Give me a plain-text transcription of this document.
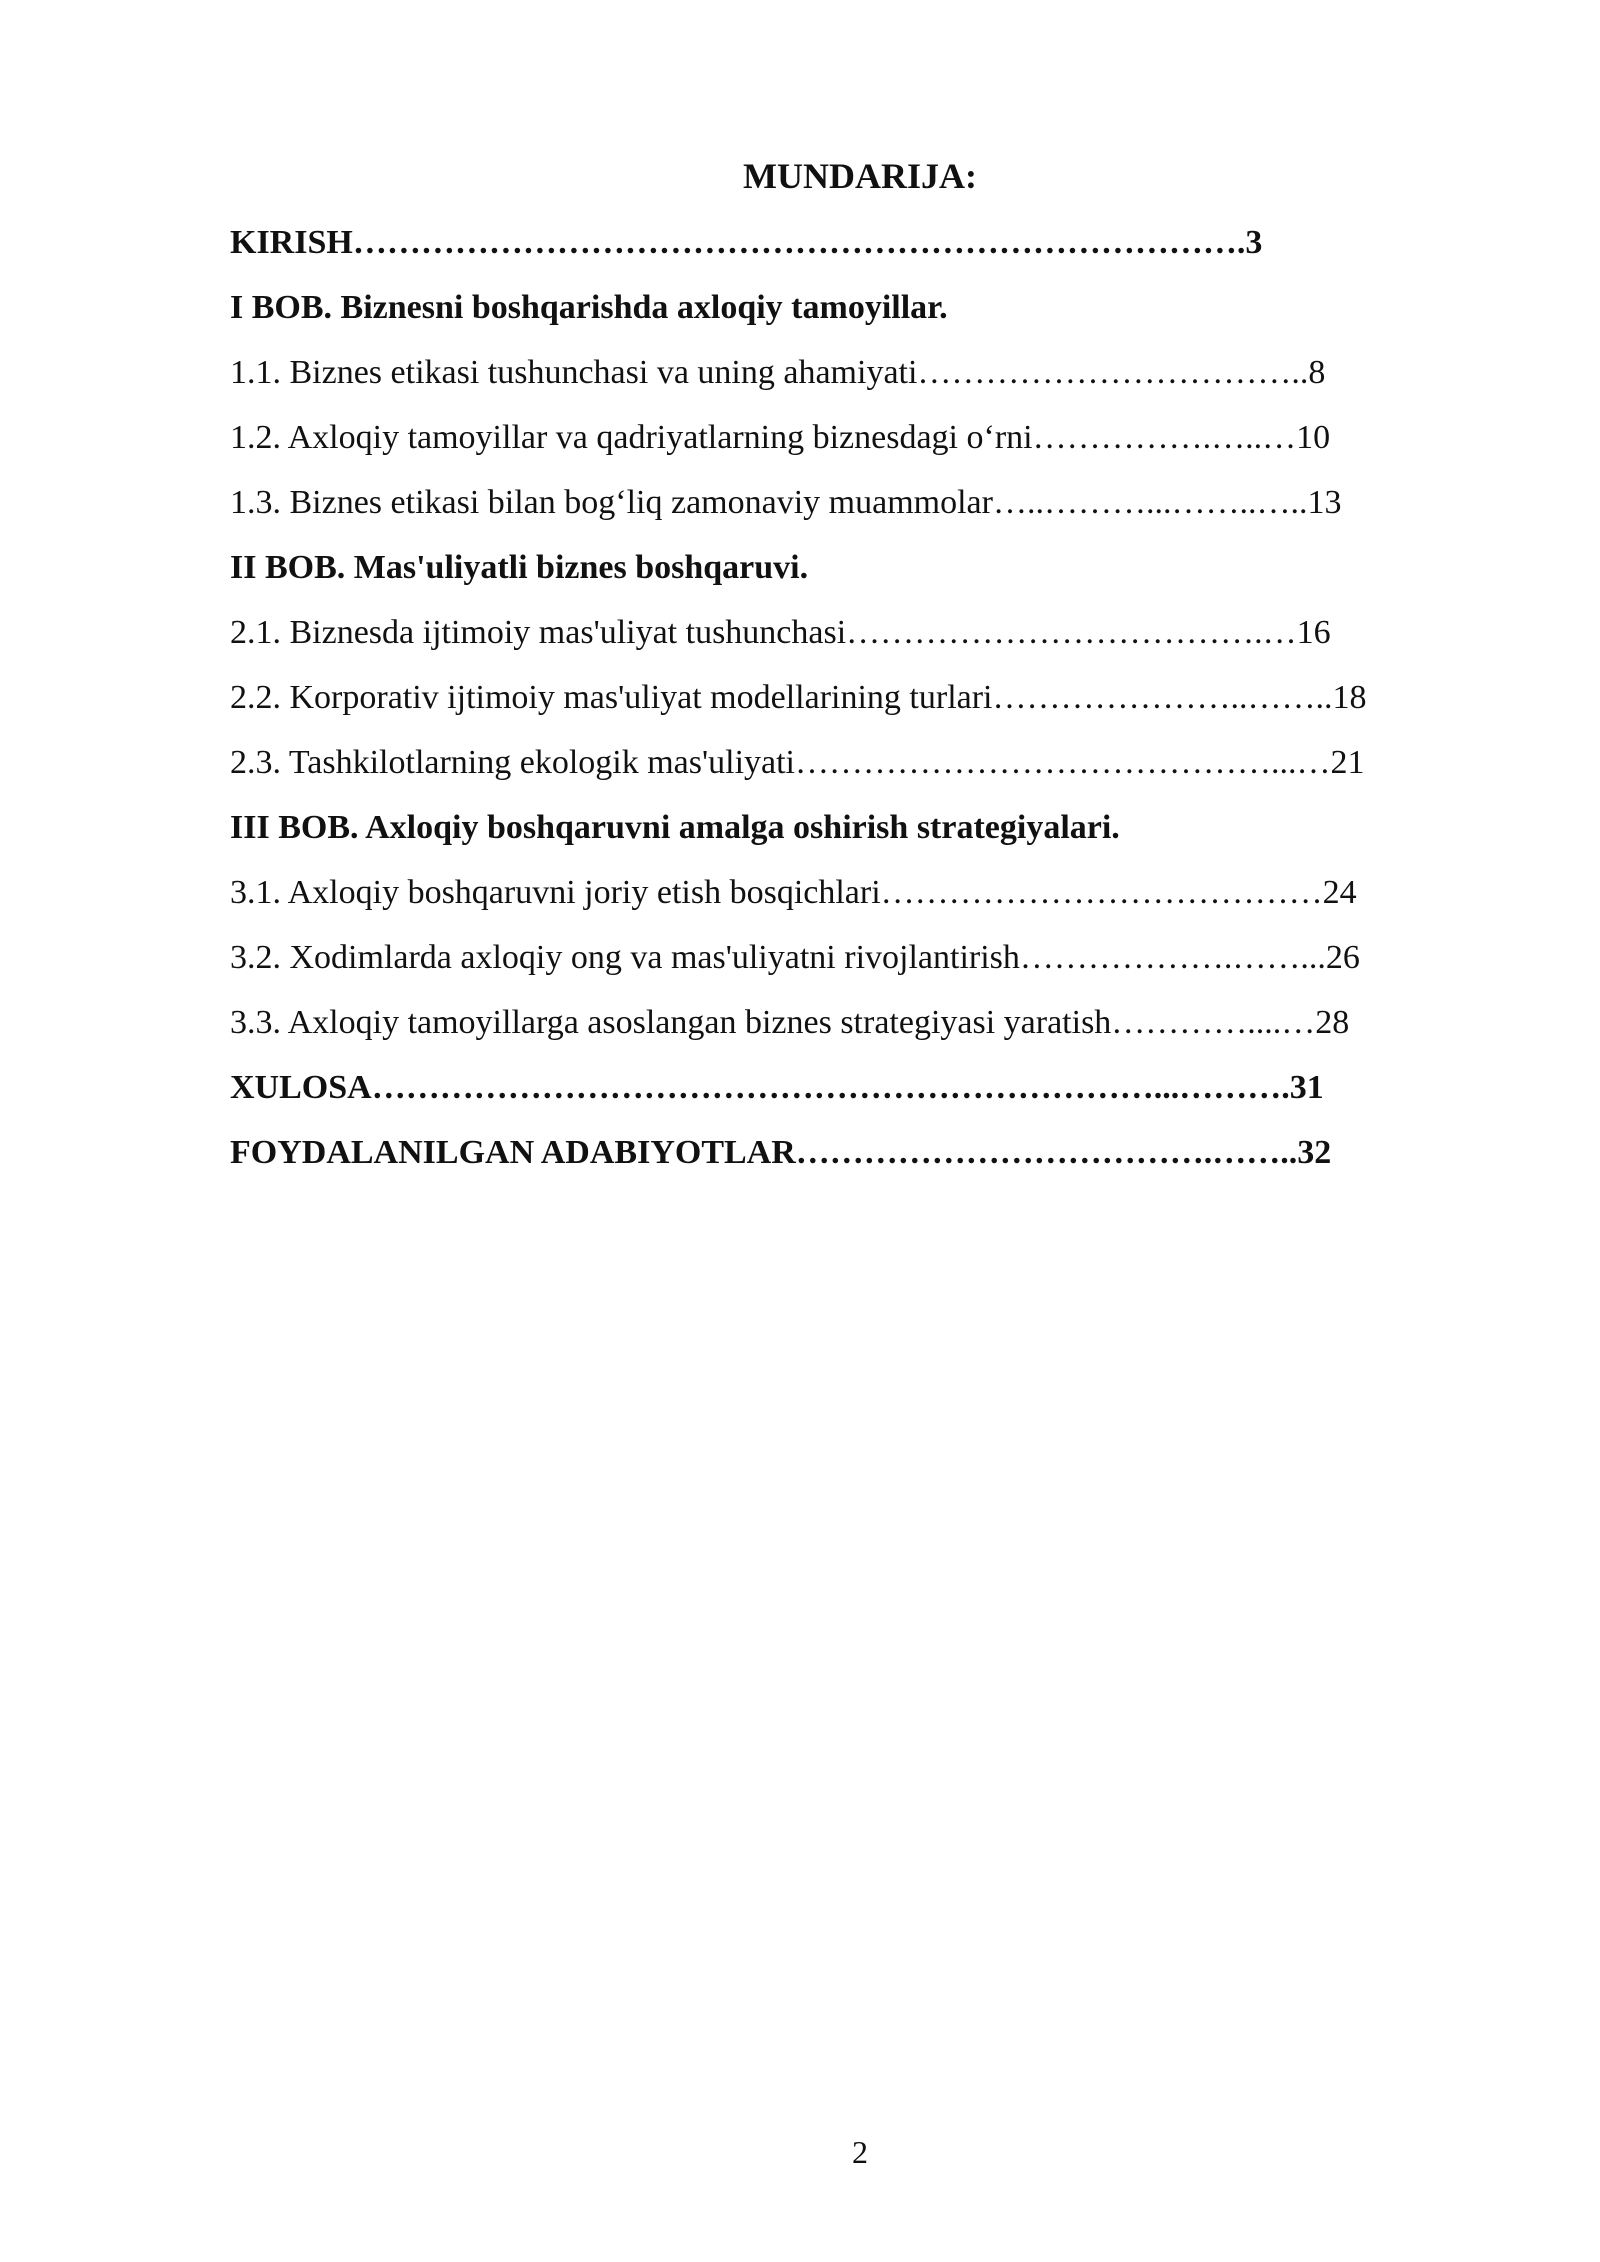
MUNDARIJA:
KIRISH…………………………………………………………………….3
I BOB. Biznesni boshqarishda axloqiy tamoyillar.
1.1. Biznes etikasi tushunchasi va uning ahamiyati……………………………..8
1.2. Axloqiy tamoyillar va qadriyatlarning biznesdagi o‘rni…………….…..…10
1.3. Biznes etikasi bilan bog‘liq zamonaviy muammolar…..………...……..…..13
II BOB. Mas'uliyatli biznes boshqaruvi.
2.1. Biznesda ijtimoiy mas'uliyat tushunchasi……………………………….…16
2.2. Korporativ ijtimoiy mas'uliyat modellarining turlari…………………..……..18
2.3. Tashkilotlarning ekologik mas'uliyati……………………………………...…21
III BOB. Axloqiy boshqaruvni amalga oshirish strategiyalari.
3.1. Axloqiy boshqaruvni joriy etish bosqichlari…………………………………24
3.2. Xodimlarda axloqiy ong va mas'uliyatni rivojlantirish……………….……...26
3.3. Axloqiy tamoyillarga asoslangan biznes strategiyasi yaratish…………....…28
XULOSA……………………………………………………………...……….31
FOYDALANILGAN ADABIYOTLAR……………………………….……..32
2
